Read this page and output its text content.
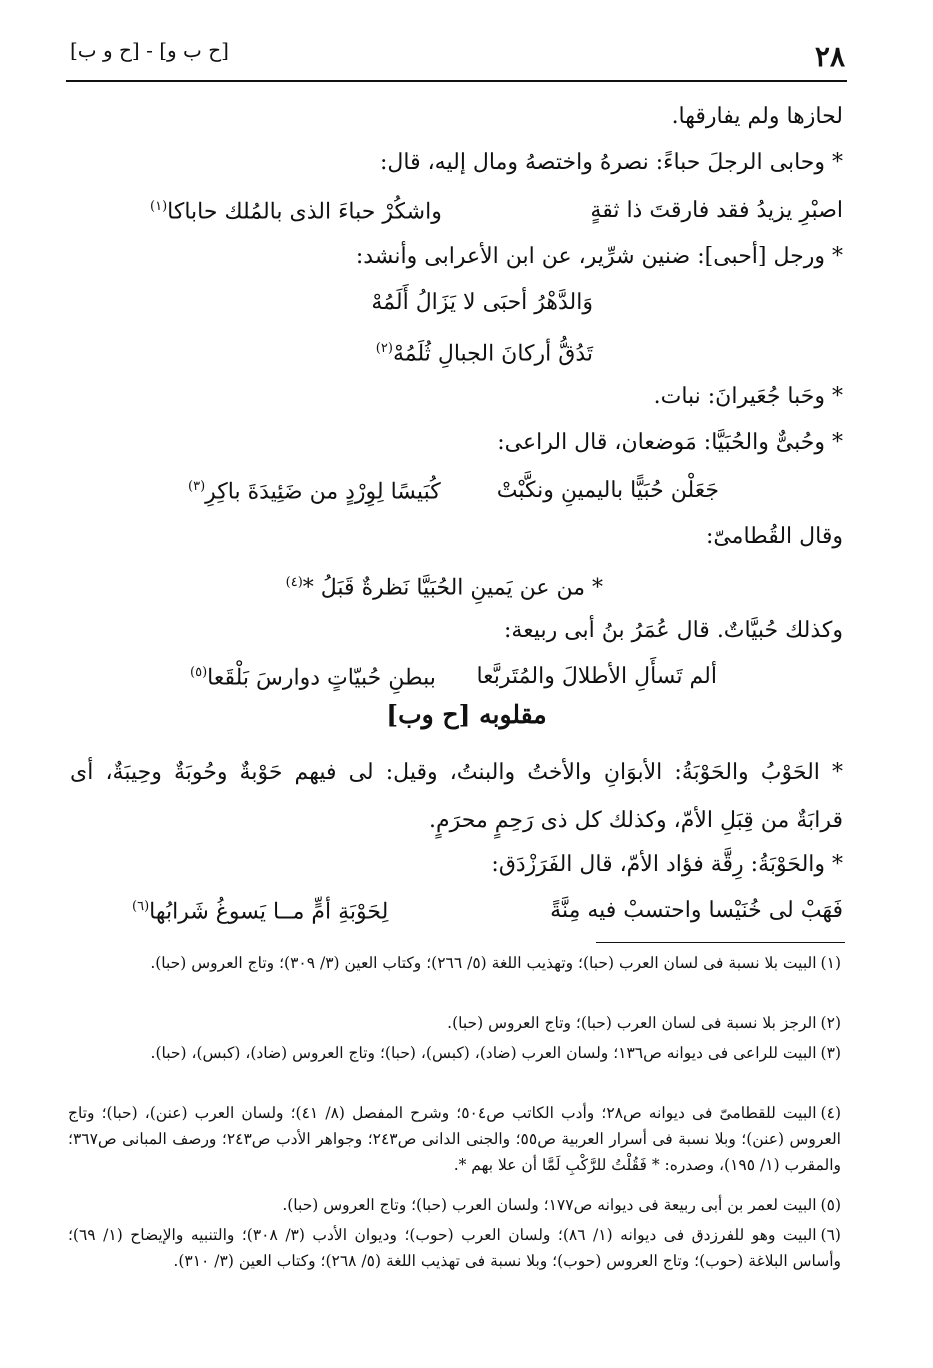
٢٨
[ح ب و] - [ح و ب]
لحازها ولم يفارقها.
* وحابى الرجلَ حباءً: نصرهُ واختصهُ ومال إليه، قال:
اصبْرِ يزيدُ فقد فارقتَ ذا ثقةٍ
واشكُرْ حباءَ الذى بالمُلك حاباكا$^{(١)}$
* ورجل [أحبى]: ضنين شرِّير، عن ابن الأعرابى وأنشد:
وَالدَّهْرُ أحبَى لا يَزَالُ أَلَمُهْ
تَدُقُّ أركانَ الجبالِ ثُلَمُهْ$^{(٢)}$
* وحَبا جُعَيرانَ: نبات.
* وحُبىٌّ والحُبَيَّا: مَوضعان، قال الراعى:
جَعَلْن حُبَيًّا باليمينِ ونكَّبْتْ
كُبَيسًا لِوِرْدٍ من ضَئِيدَةَ باكِرِ$^{(٣)}$
وقال القُطامىّ:
* من عن يَمينِ الحُبَيَّا نَظرةٌ قَبَلُ *$^{(٤)}$
وكذلك حُبيَّاتٌ. قال عُمَرُ بنُ أبى ربيعة:
ألم تَسأَلِ الأطلالَ والمُتَربَّعا
ببطنِ حُبيّاتٍ دوارسَ بَلْقَعا$^{(٥)}$
مقلوبه [ح وب]
* الحَوْبُ والحَوْبَةُ: الأبوَانِ والأختُ والبنتُ، وقيل: لى فيهم حَوْبةٌ وحُوبَةٌ وحِيبَةٌ، أى
قرابَةٌ من قِبَلِ الأمّ، وكذلك كل ذى رَحِمٍ محرَمٍ.
* والحَوْبَةُ: رِقَّة فؤاد الأمّ، قال الفَرَزْدَق:
فَهَبْ لى خُنَيْسا واحتسبْ فيه مِنَّةً
لِحَوْبَةِ أمٍّ مــا يَسوغُ شَرابُها$^{(٦)}$
(١)البيت بلا نسبة فى لسان العرب (حبا)؛ وتهذيب اللغة (٥/ ٢٦٦)؛ وكتاب العين (٣/ ٣٠٩)؛ وتاج العروس (حبا).
(٢)الرجز بلا نسبة فى لسان العرب (حبا)؛ وتاج العروس (حبا).
(٣)البيت للراعى فى ديوانه ص١٣٦؛ ولسان العرب (ضاد)، (كبس)، (حبا)؛ وتاج العروس (ضاد)، (كبس)، (حبا).
(٤)البيت للقطامىّ فى ديوانه ص٢٨؛ وأدب الكاتب ص٥٠٤؛ وشرح المفصل (٨/ ٤١)؛ ولسان العرب (عنن)، (حبا)؛ وتاج العروس (عنن)؛ وبلا نسبة فى أسرار العربية ص٥٥؛ والجنى الدانى ص٢٤٣؛ وجواهر الأدب ص٢٤٣؛ ورصف المبانى ص٣٦٧؛ والمقرب (١/ ١٩٥)، وصدره: * فَقُلْتُ للرَّكْبِ لَمَّا أن علا بهم *.
(٥)البيت لعمر بن أبى ربيعة فى ديوانه ص١٧٧؛ ولسان العرب (حبا)؛ وتاج العروس (حبا).
(٦)البيت وهو للفرزدق فى ديوانه (١/ ٨٦)؛ ولسان العرب (حوب)؛ وديوان الأدب (٣/ ٣٠٨)؛ والتنبيه والإيضاح (١/ ٦٩)؛ وأساس البلاغة (حوب)؛ وتاج العروس (حوب)؛ وبلا نسبة فى تهذيب اللغة (٥/ ٢٦٨)؛ وكتاب العين (٣/ ٣١٠).
